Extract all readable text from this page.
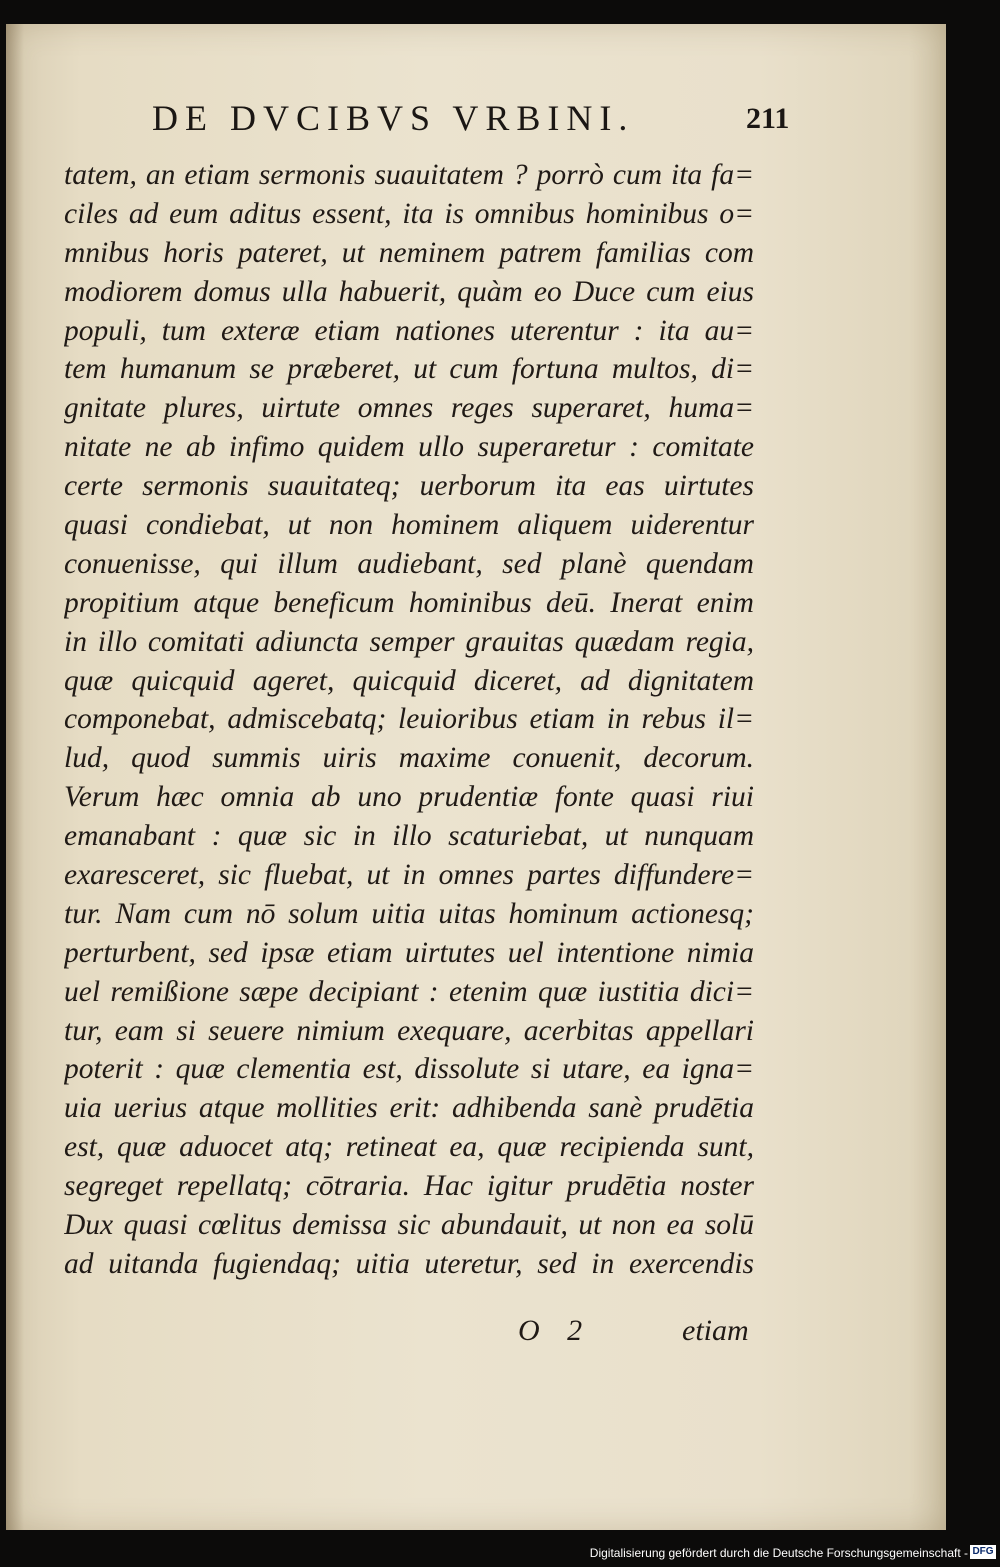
DE DVCIBVS VRBINI.	211
tatem, an etiam sermonis suauitatem ? porrò cum ita fa=
ciles ad eum aditus essent, ita is omnibus hominibus o=
mnibus horis pateret, ut neminem patrem familias com
modiorem domus ulla habuerit, quàm eo Duce cum eius
populi, tum exteræ etiam nationes uterentur : ita au=
tem humanum se præberet, ut cum fortuna multos, di=
gnitate plures, uirtute omnes reges superaret, huma=
nitate ne ab infimo quidem ullo superaretur : comitate
certe sermonis suauitateq; uerborum ita eas uirtutes
quasi condiebat, ut non hominem aliquem uiderentur
conuenisse, qui illum audiebant, sed planè quendam
propitium atque beneficum hominibus deū. Inerat enim
in illo comitati adiuncta semper grauitas quædam regia,
quæ quicquid ageret, quicquid diceret, ad dignitatem
componebat, admiscebatq; leuioribus etiam in rebus il=
lud, quod summis uiris maxime conuenit, decorum.
Verum hæc omnia ab uno prudentiæ fonte quasi riui
emanabant : quæ sic in illo scaturiebat, ut nunquam
exaresceret, sic fluebat, ut in omnes partes diffundere=
tur. Nam cum nō solum uitia uitas hominum actionesq;
perturbent, sed ipsæ etiam uirtutes uel intentione nimia
uel remißione sæpe decipiant : etenim quæ iustitia dici=
tur, eam si seuere nimium exequare, acerbitas appellari
poterit : quæ clementia est, dissolute si utare, ea igna=
uia uerius atque mollities erit: adhibenda sanè prudētia
est, quæ aduocet atq; retineat ea, quæ recipienda sunt,
segreget repellatq; cōtraria. Hac igitur prudētia noster
Dux quasi cœlitus demissa sic abundauit, ut non ea solū
ad uitanda fugiendaq; uitia uteretur, sed in exercendis
O 2	etiam
Digitalisierung gefördert durch die Deutsche Forschungsgemeinschaft - DFG
